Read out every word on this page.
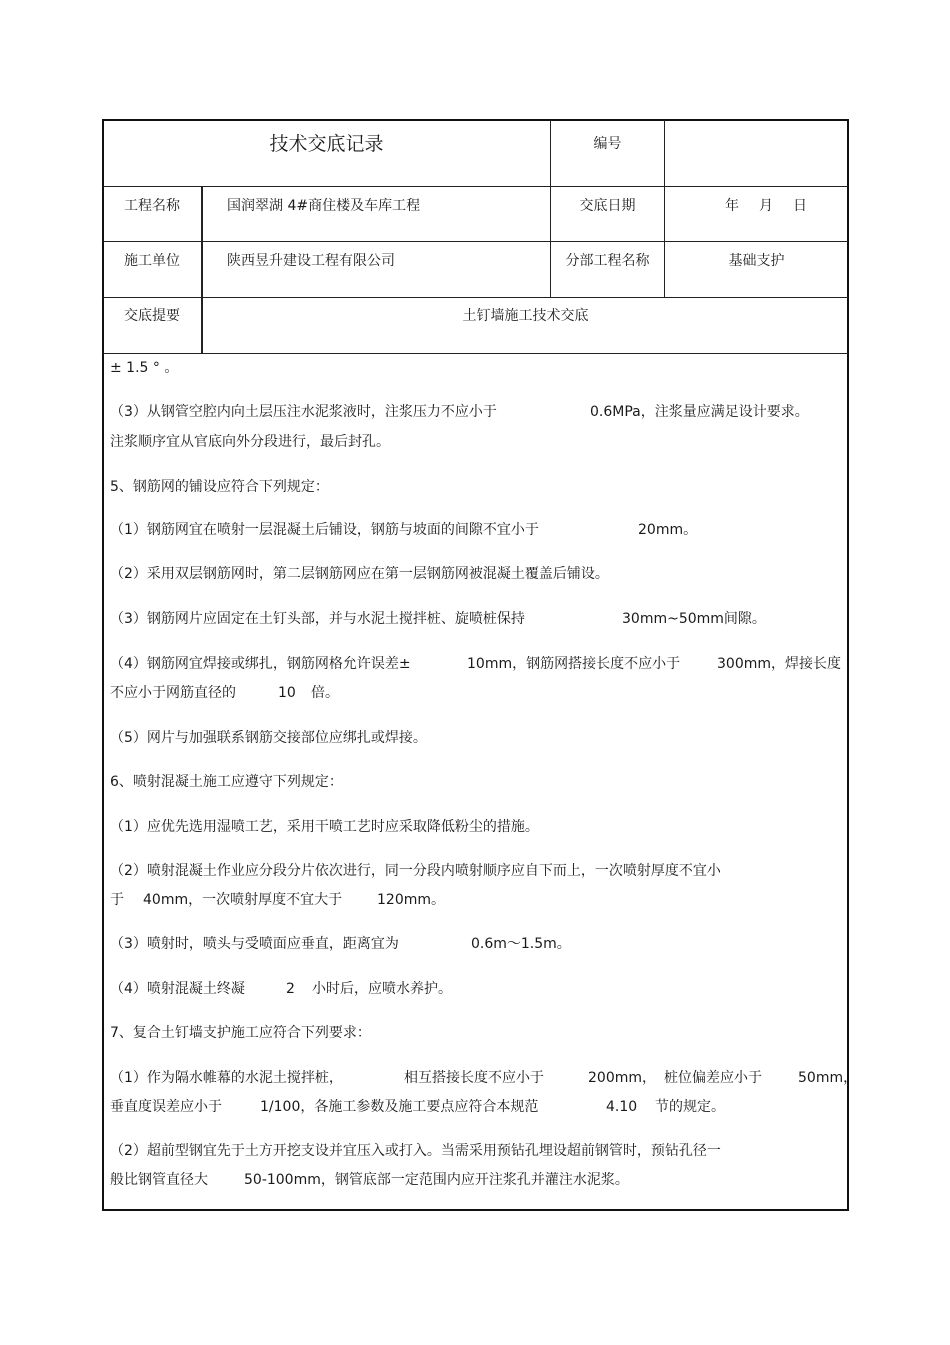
技术交底记录	编号
工程名称	国润翠湖 4#商住楼及车库工程	交底日期	年 月 日
施工单位	陕西昱升建设工程有限公司	分部工程名称	基础支护
交底提要	土钉墙施工技术交底
± 1.5 ° 。
（3）从钢管空腔内向土层压注水泥浆液时，注浆压力不应小于	0.6MPa，注浆量应满足设计要求。
注浆顺序宜从官底向外分段进行，最后封孔。
5、钢筋网的铺设应符合下列规定：
（1）钢筋网宜在喷射一层混凝土后铺设，钢筋与坡面的间隙不宜小于	20mm。
（2）采用双层钢筋网时，第二层钢筋网应在第一层钢筋网被混凝土覆盖后铺设。
（3）钢筋网片应固定在土钉头部，并与水泥土搅拌桩、旋喷桩保持	30mm~50mm间隙。
（4）钢筋网宜焊接或绑扎，钢筋网格允许误差±	10mm，钢筋网搭接长度不应小于	300mm，焊接长度
不应小于网筋直径的	10 倍。
（5）网片与加强联系钢筋交接部位应绑扎或焊接。
6、喷射混凝土施工应遵守下列规定：
（1）应优先选用湿喷工艺，采用干喷工艺时应采取降低粉尘的措施。
（2）喷射混凝土作业应分段分片依次进行，同一分段内喷射顺序应自下而上，一次喷射厚度不宜小
于 40mm，一次喷射厚度不宜大于 120mm。
（3）喷射时，喷头与受喷面应垂直，距离宜为	0.6m～1.5m。
（4）喷射混凝土终凝	2 小时后，应喷水养护。
7、复合土钉墙支护施工应符合下列要求：
（1）作为隔水帷幕的水泥土搅拌桩，	相互搭接长度不应小于	200mm， 桩位偏差应小于	50mm，
垂直度误差应小于	1/100，各施工参数及施工要点应符合本规范	4.10 节的规定。
（2）超前型钢宜先于土方开挖支设并宜压入或打入。当需采用预钻孔埋设超前钢管时，预钻孔径一
般比钢管直径大	50-100mm，钢管底部一定范围内应开注浆孔并灌注水泥浆。
